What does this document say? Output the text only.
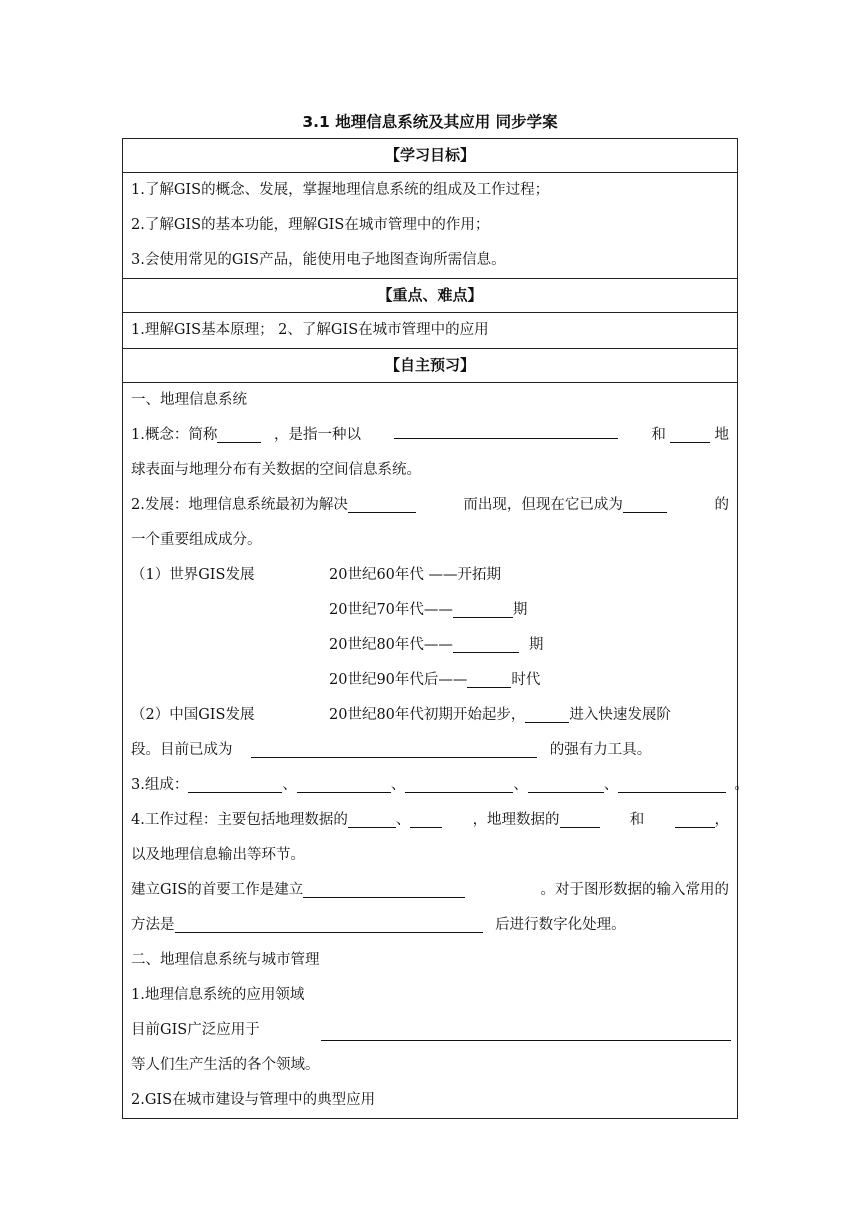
3.1 地理信息系统及其应用 同步学案
【学习目标】
1.了解GIS的概念、发展，掌握地理信息系统的组成及工作过程；
2.了解GIS的基本功能，理解GIS在城市管理中的作用；
3.会使用常见的GIS产品，能使用电子地图查询所需信息。
【重点、难点】
1.理解GIS基本原理； 2、了解GIS在城市管理中的应用
【自主预习】
一、地理信息系统
1.概念：简称	，是指一种以	和	地
球表面与地理分布有关数据的空间信息系统。
2.发展：地理信息系统最初为解决	而出现，但现在它已成为	的
一个重要组成成分。
（1）世界GIS发展	20世纪60年代 ——开拓期
20世纪70年代——	期
20世纪80年代——	期
20世纪90年代后——	时代
（2）中国GIS发展	20世纪80年代初期开始起步，	进入快速发展阶
段。目前已成为	的强有力工具。
3.组成：	、	、	、	、	。
4.工作过程：主要包括地理数据的	、	，地理数据的	和	，
以及地理信息输出等环节。
建立GIS的首要工作是建立	。对于图形数据的输入常用的
方法是	后进行数字化处理。
二、地理信息系统与城市管理
1.地理信息系统的应用领域
目前GIS广泛应用于
等人们生产生活的各个领域。
2.GIS在城市建设与管理中的典型应用
